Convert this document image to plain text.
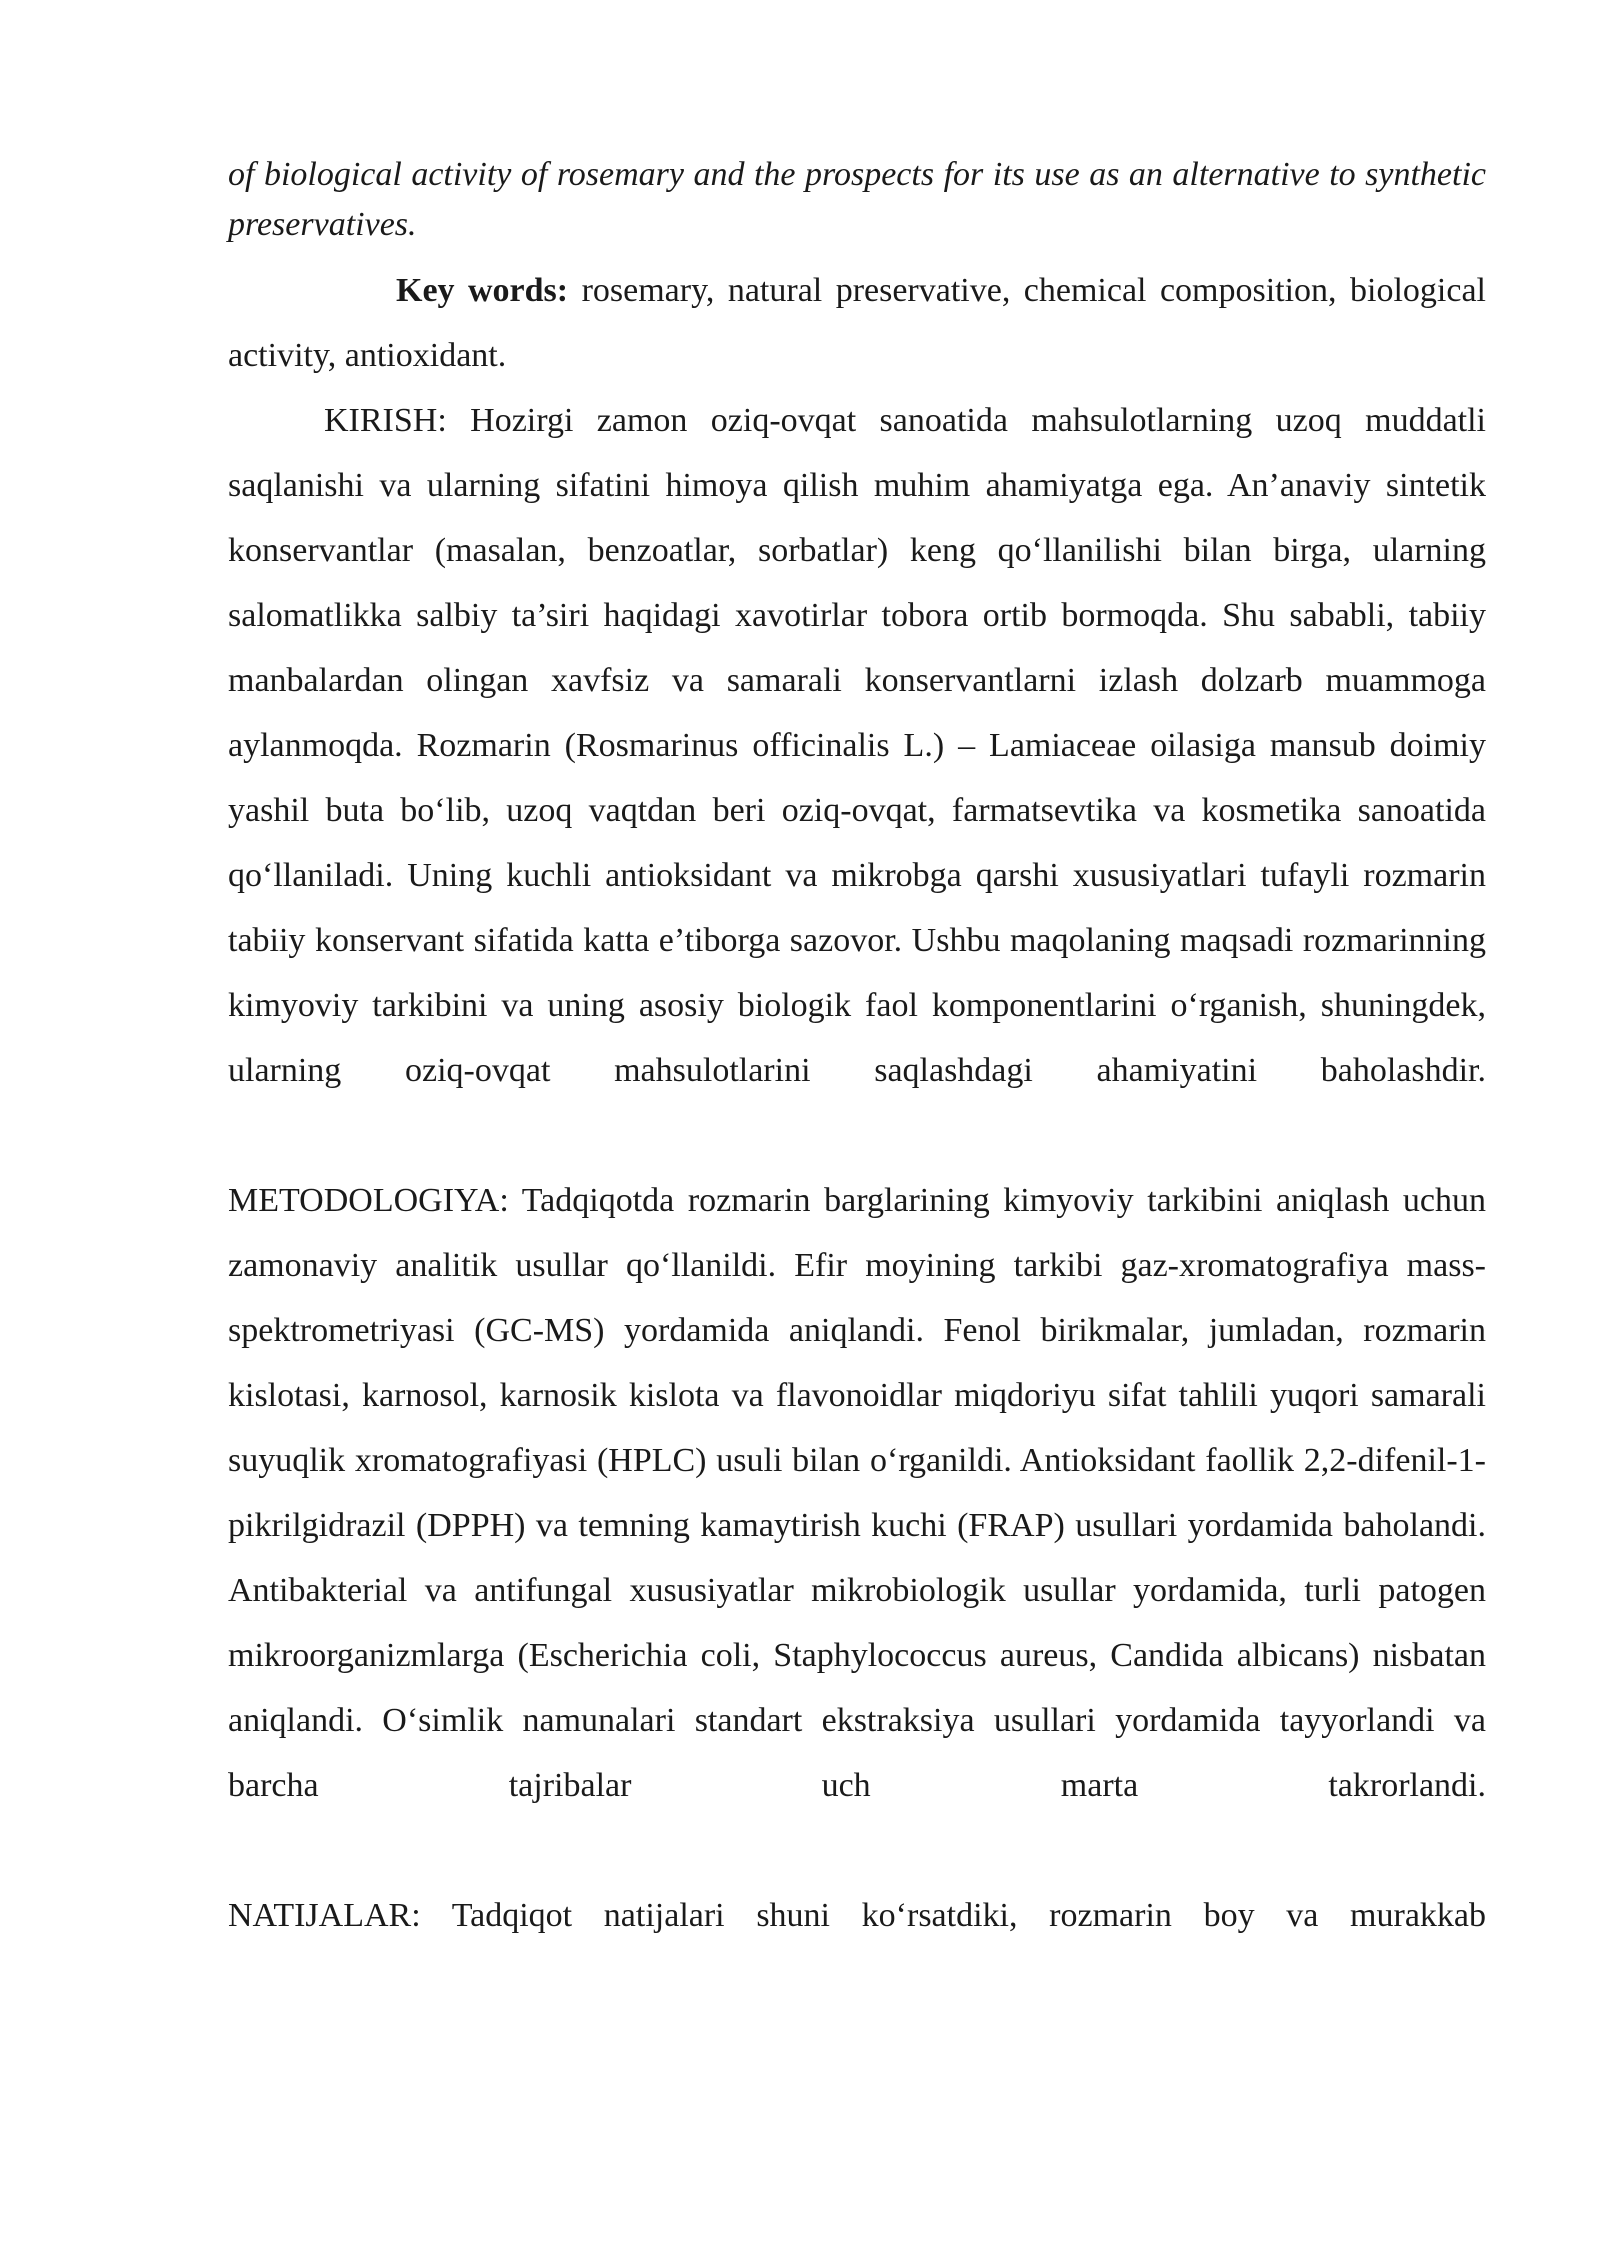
of biological activity of rosemary and the prospects for its use as an alternative to synthetic preservatives.

Key words: rosemary, natural preservative, chemical composition, biological activity, antioxidant.

KIRISH: Hozirgi zamon oziq-ovqat sanoatida mahsulotlarning uzoq muddatli saqlanishi va ularning sifatini himoya qilish muhim ahamiyatga ega. An’anaviy sintetik konservantlar (masalan, benzoatlar, sorbatlar) keng qo‘llanilishi bilan birga, ularning salomatlikka salbiy ta’siri haqidagi xavotirlar tobora ortib bormoqda. Shu sababli, tabiiy manbalardan olingan xavfsiz va samarali konservantlarni izlash dolzarb muammoga aylanmoqda. Rozmarin (Rosmarinus officinalis L.) – Lamiaceae oilasiga mansub doimiy yashil buta bo‘lib, uzoq vaqtdan beri oziq-ovqat, farmatsevtika va kosmetika sanoatida qo‘llaniladi. Uning kuchli antioksidant va mikrobga qarshi xususiyatlari tufayli rozmarin tabiiy konservant sifatida katta e’tiborga sazovor. Ushbu maqolaning maqsadi rozmarinning kimyoviy tarkibini va uning asosiy biologik faol komponentlarini o‘rganish, shuningdek, ularning oziq-ovqat mahsulotlarini saqlashdagi ahamiyatini baholashdir.

METODOLOGIYA: Tadqiqotda rozmarin barglarining kimyoviy tarkibini aniqlash uchun zamonaviy analitik usullar qo‘llanildi. Efir moyining tarkibi gaz-xromatografiya mass-spektrometriyasi (GC-MS) yordamida aniqlandi. Fenol birikmalar, jumladan, rozmarin kislotasi, karnosol, karnosik kislota va flavonoidlar miqdoriyu sifat tahlili yuqori samarali suyuqlik xromatografiyasi (HPLC) usuli bilan o‘rganildi. Antioksidant faollik 2,2-difenil-1-pikrilgidrazil (DPPH) va temning kamaytirish kuchi (FRAP) usullari yordamida baholandi. Antibakterial va antifungal xususiyatlar mikrobiologik usullar yordamida, turli patogen mikroorganizmlarga (Escherichia coli, Staphylococcus aureus, Candida albicans) nisbatan aniqlandi. O‘simlik namunalari standart ekstraksiya usullari yordamida tayyorlandi va barcha tajribalar uch marta takrorlandi.

NATIJALAR: Tadqiqot natijalari shuni ko‘rsatdiki, rozmarin boy va murakkab
